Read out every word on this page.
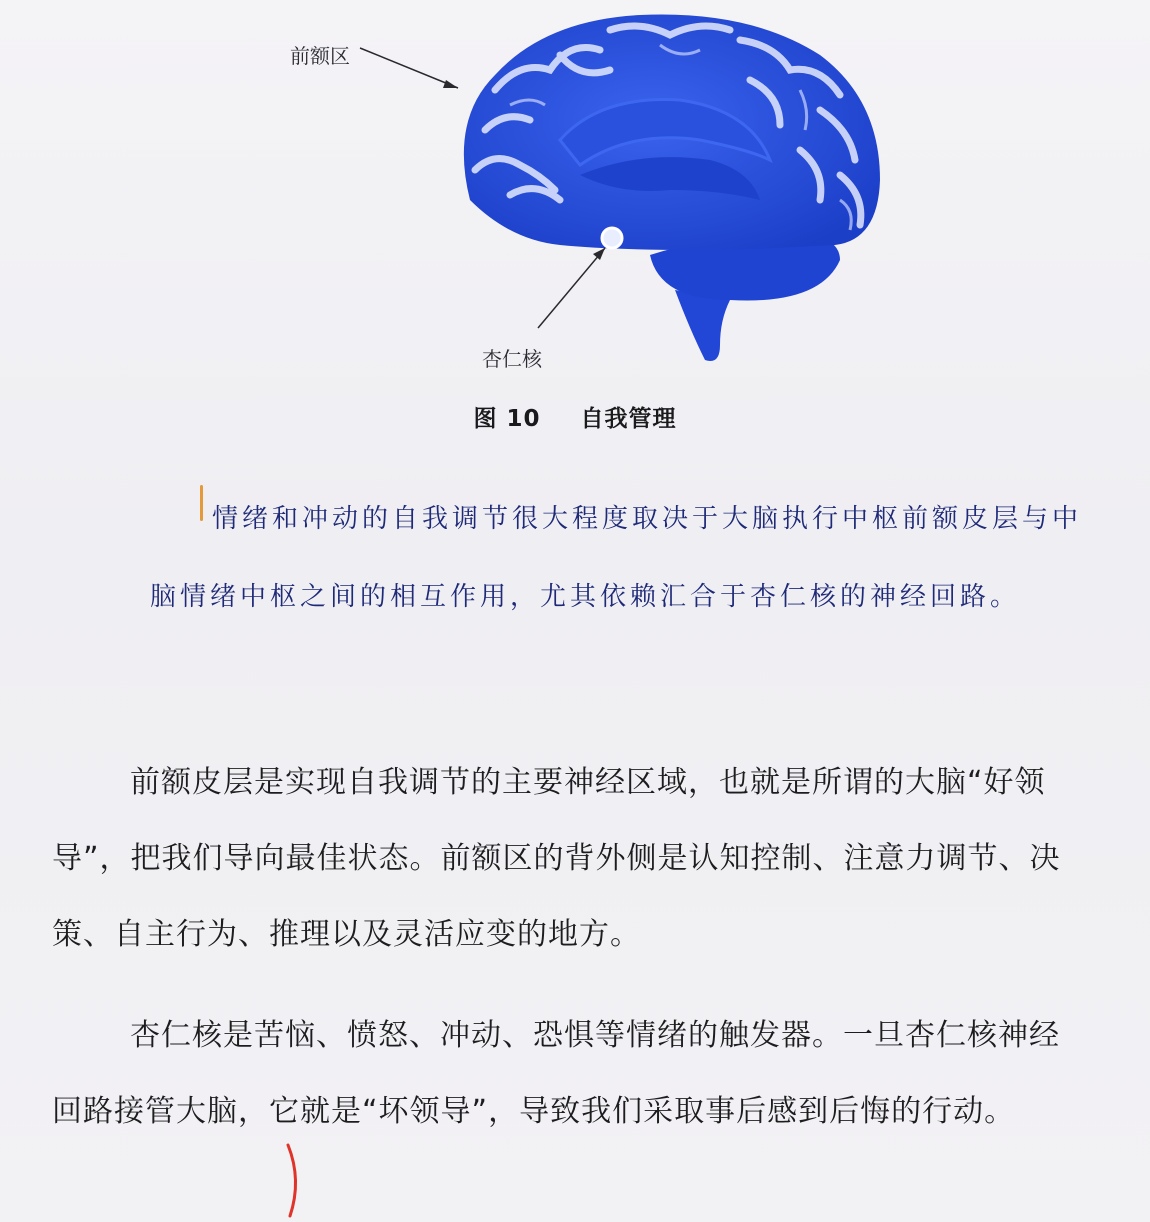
前额区
杏仁核
图 10 自我管理
情绪和冲动的自我调节很大程度取决于大脑执行中枢前额皮层与中脑情绪中枢之间的相互作用，尤其依赖汇合于杏仁核的神经回路。
前额皮层是实现自我调节的主要神经区域，也就是所谓的大脑“好领导”，把我们导向最佳状态。前额区的背外侧是认知控制、注意力调节、决策、自主行为、推理以及灵活应变的地方。
杏仁核是苦恼、愤怒、冲动、恐惧等情绪的触发器。一旦杏仁核神经回路接管大脑，它就是“坏领导”，导致我们采取事后感到后悔的行动。
